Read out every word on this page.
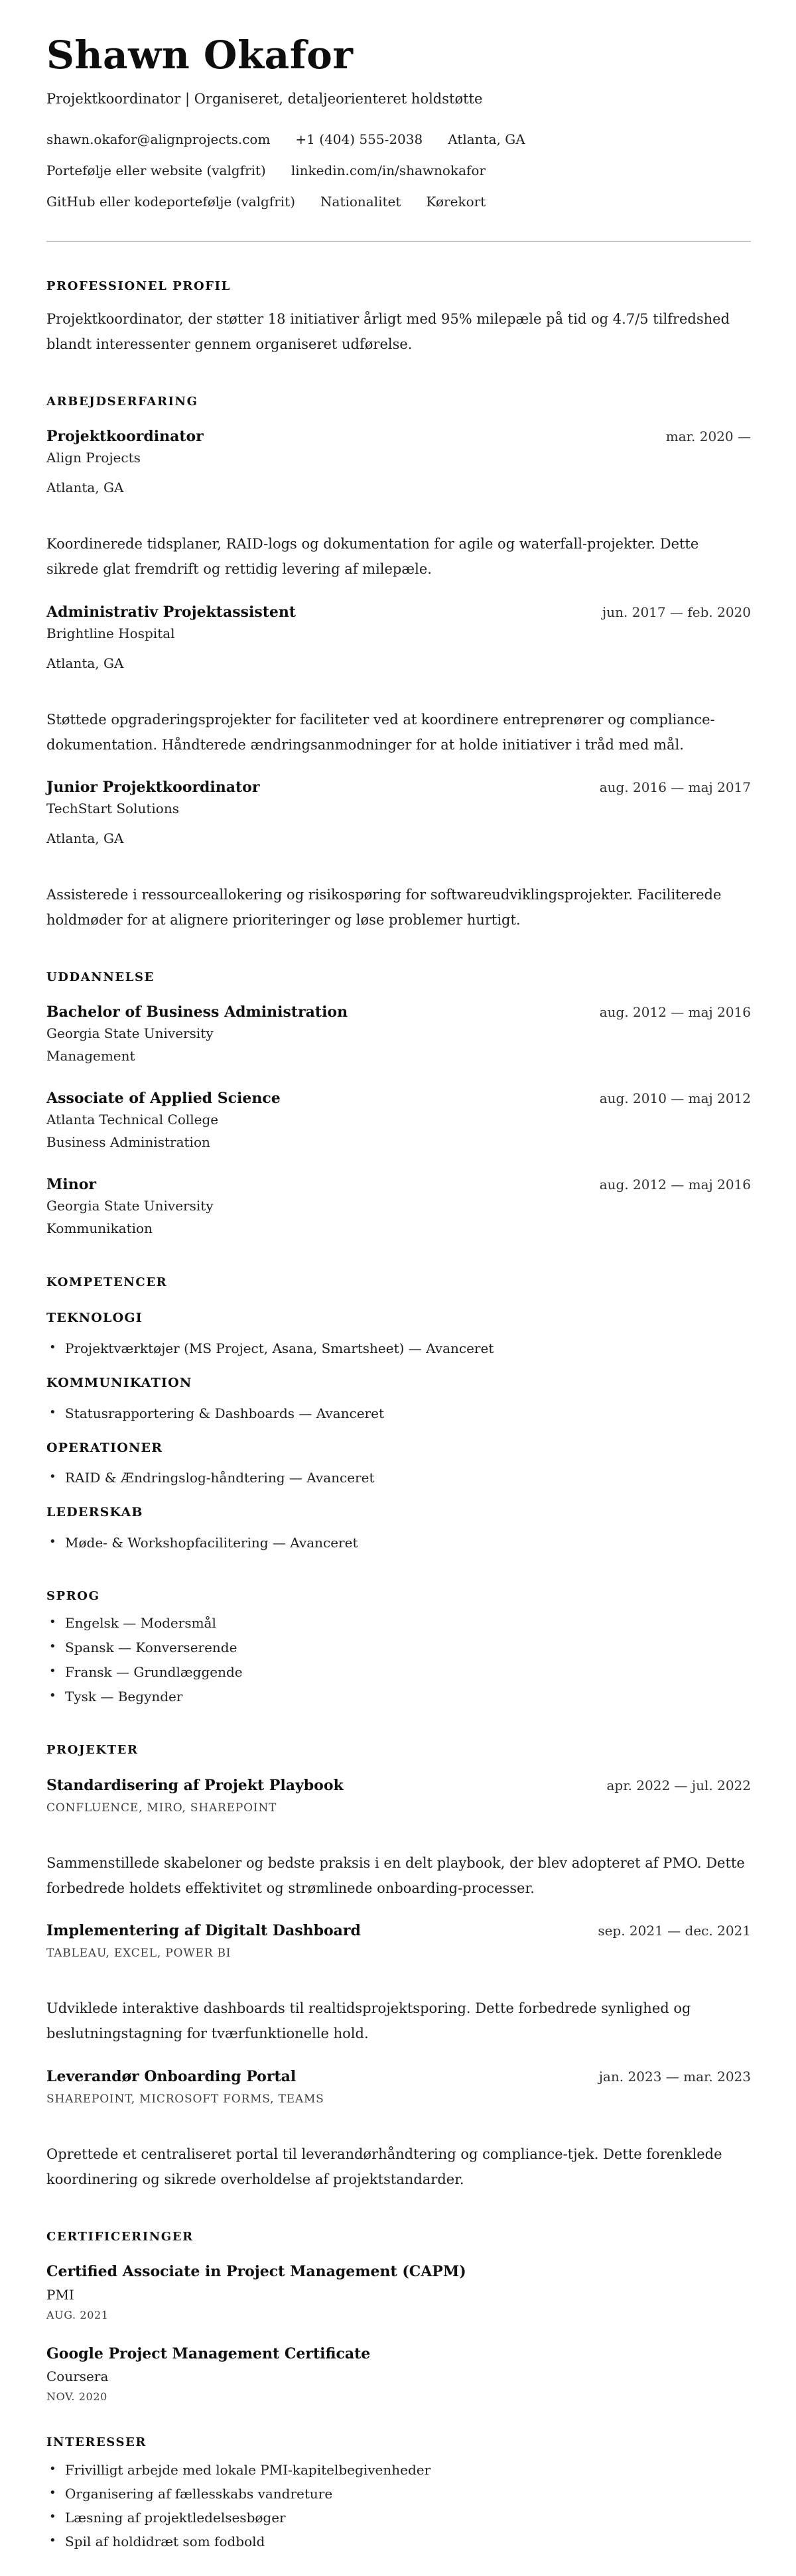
Shawn Okafor

Projektkoordinator | Organiseret, detaljeorienteret holdstøtte

shawn.okafor@alignprojects.com +1 (404) 555-2038 Atlanta, GA
Portefølje eller website (valgfrit) linkedin.com/in/shawnokafor
GitHub eller kodeportefølje (valgfrit) Nationalitet Kørekort
PROFESSIONEL PROFIL

Projektkoordinator, der støtter 18 initiativer årligt med 95% milepæle på tid og 4.7/5 tilfredshed blandt interessenter gennem organiseret udførelse.

ARBEJDSERFARING
Projektkoordinator	mar. 2020 —
Align Projects
Atlanta, GA

Koordinerede tidsplaner, RAID-logs og dokumentation for agile og waterfall-projekter. Dette sikrede glat fremdrift og rettidig levering af milepæle.

Administrativ Projektassistent	jun. 2017 — feb. 2020
Brightline Hospital
Atlanta, GA

Støttede opgraderingsprojekter for faciliteter ved at koordinere entreprenører og compliance-dokumentation. Håndterede ændringsanmodninger for at holde initiativer i tråd med mål.

Junior Projektkoordinator	aug. 2016 — maj 2017
TechStart Solutions
Atlanta, GA

Assisterede i ressourceallokering og risikospøring for softwareudviklingsprojekter. Faciliterede holdmøder for at alignere prioriteringer og løse problemer hurtigt.

UDDANNELSE
Bachelor of Business Administration	aug. 2012 — maj 2016
Georgia State University
Management
Associate of Applied Science	aug. 2010 — maj 2012
Atlanta Technical College
Business Administration
Minor	aug. 2012 — maj 2016
Georgia State University
Kommunikation
KOMPETENCER
TEKNOLOGI
• Projektværktøjer (MS Project, Asana, Smartsheet) — Avanceret
KOMMUNIKATION
• Statusrapportering & Dashboards — Avanceret
OPERATIONER
• RAID & Ændringslog-håndtering — Avanceret
LEDERSKAB
• Møde- & Workshopfacilitering — Avanceret
SPROG
• Engelsk — Modersmål
• Spansk — Konverserende
• Fransk — Grundlæggende
• Tysk — Begynder
PROJEKTER
Standardisering af Projekt Playbook	apr. 2022 — jul. 2022
CONFLUENCE, MIRO, SHAREPOINT

Sammenstillede skabeloner og bedste praksis i en delt playbook, der blev adopteret af PMO. Dette forbedrede holdets effektivitet og strømlinede onboarding-processer.

Implementering af Digitalt Dashboard	sep. 2021 — dec. 2021
TABLEAU, EXCEL, POWER BI

Udviklede interaktive dashboards til realtidsprojektsporing. Dette forbedrede synlighed og beslutningstagning for tværfunktionelle hold.

Leverandør Onboarding Portal	jan. 2023 — mar. 2023
SHAREPOINT, MICROSOFT FORMS, TEAMS

Oprettede et centraliseret portal til leverandørhåndtering og compliance-tjek. Dette forenklede koordinering og sikrede overholdelse af projektstandarder.

CERTIFICERINGER
Certified Associate in Project Management (CAPM)
PMI
AUG. 2021
Google Project Management Certificate
Coursera
NOV. 2020
INTERESSER
• Frivilligt arbejde med lokale PMI-kapitelbegivenheder
• Organisering af fællesskabs vandreture
• Læsning af projektledelsesbøger
• Spil af holdidræt som fodbold
